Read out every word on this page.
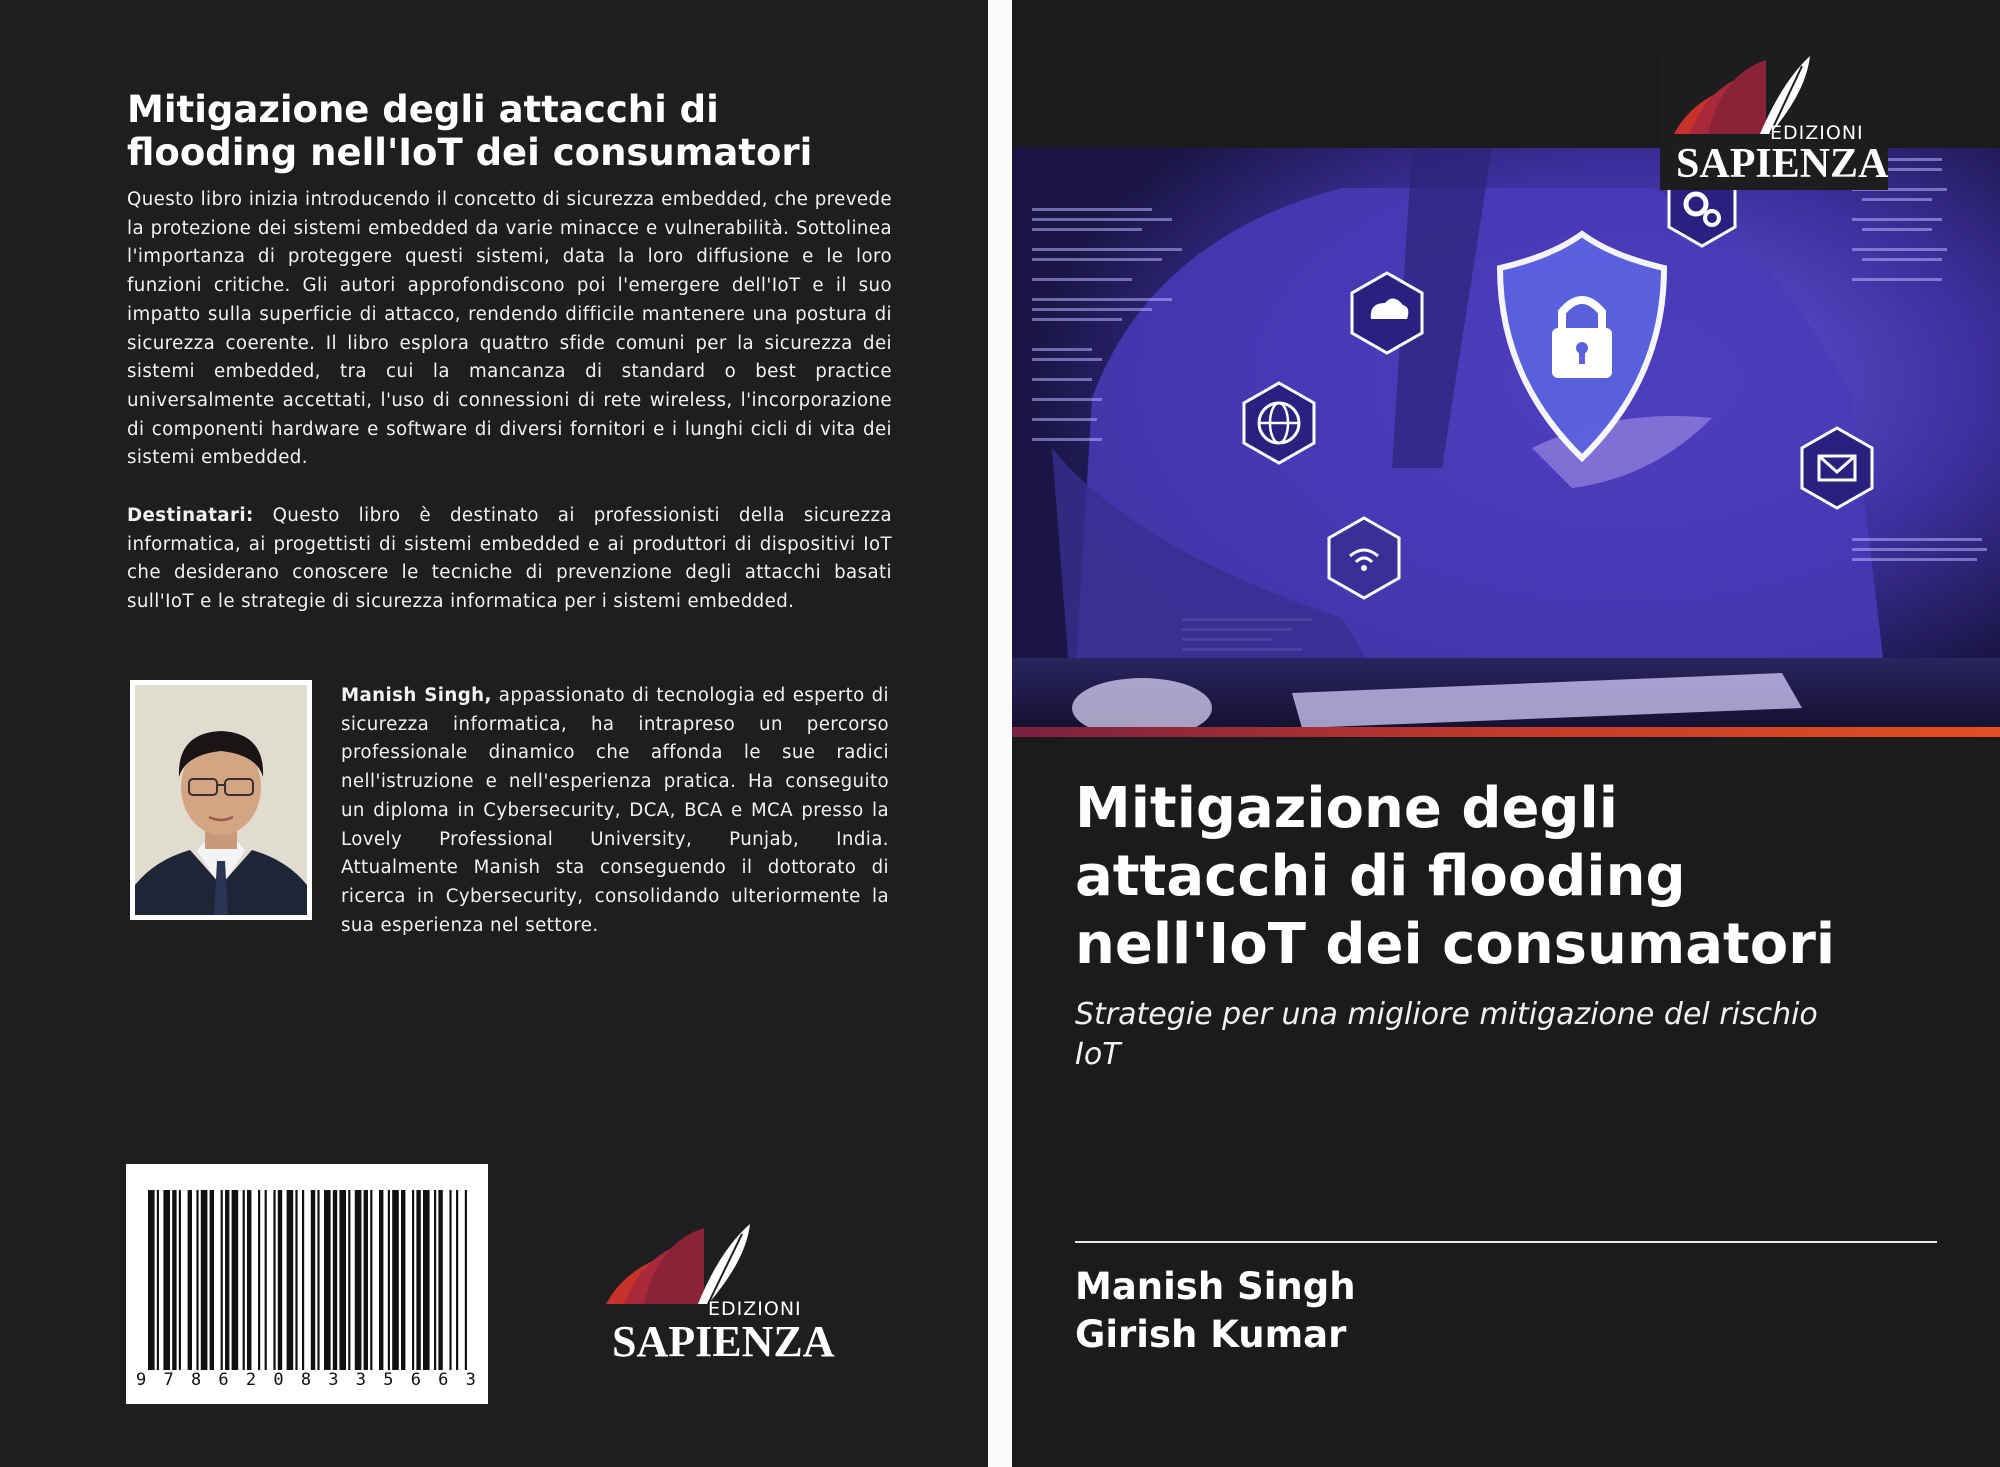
Mitigazione degli attacchi di
flooding nell'IoT dei consumatori

Questo libro inizia introducendo il concetto di sicurezza embedded, che prevede la protezione dei sistemi embedded da varie minacce e vulnerabilità. Sottolinea l'importanza di proteggere questi sistemi, data la loro diffusione e le loro funzioni critiche. Gli autori approfondiscono poi l'emergere dell'IoT e il suo impatto sulla superficie di attacco, rendendo difficile mantenere una postura di sicurezza coerente. Il libro esplora quattro sfide comuni per la sicurezza dei sistemi embedded, tra cui la mancanza di standard o best practice universalmente accettati, l'uso di connessioni di rete wireless, l'incorporazione di componenti hardware e software di diversi fornitori e i lunghi cicli di vita dei sistemi embedded.

Destinatari: Questo libro è destinato ai professionisti della sicurezza informatica, ai progettisti di sistemi embedded e ai produttori di dispositivi IoT che desiderano conoscere le tecniche di prevenzione degli attacchi basati sull'IoT e le strategie di sicurezza informatica per i sistemi embedded.

Manish Singh, appassionato di tecnologia ed esperto di sicurezza informatica, ha intrapreso un percorso professionale dinamico che affonda le sue radici nell'istruzione e nell'esperienza pratica. Ha conseguito un diploma in Cybersecurity, DCA, BCA e MCA presso la Lovely Professional University, Punjab, India. Attualmente Manish sta conseguendo il dottorato di ricerca in Cybersecurity, consolidando ulteriormente la sua esperienza nel settore.

9 7 8 6 2 0 8 3 3 5 6 6 3
EDIZIONI
SAPIENZA
EDIZIONI
SAPIENZA
Mitigazione degli
attacchi di flooding
nell'IoT dei consumatori

Strategie per una migliore mitigazione del rischio
IoT

Manish Singh

Girish Kumar
